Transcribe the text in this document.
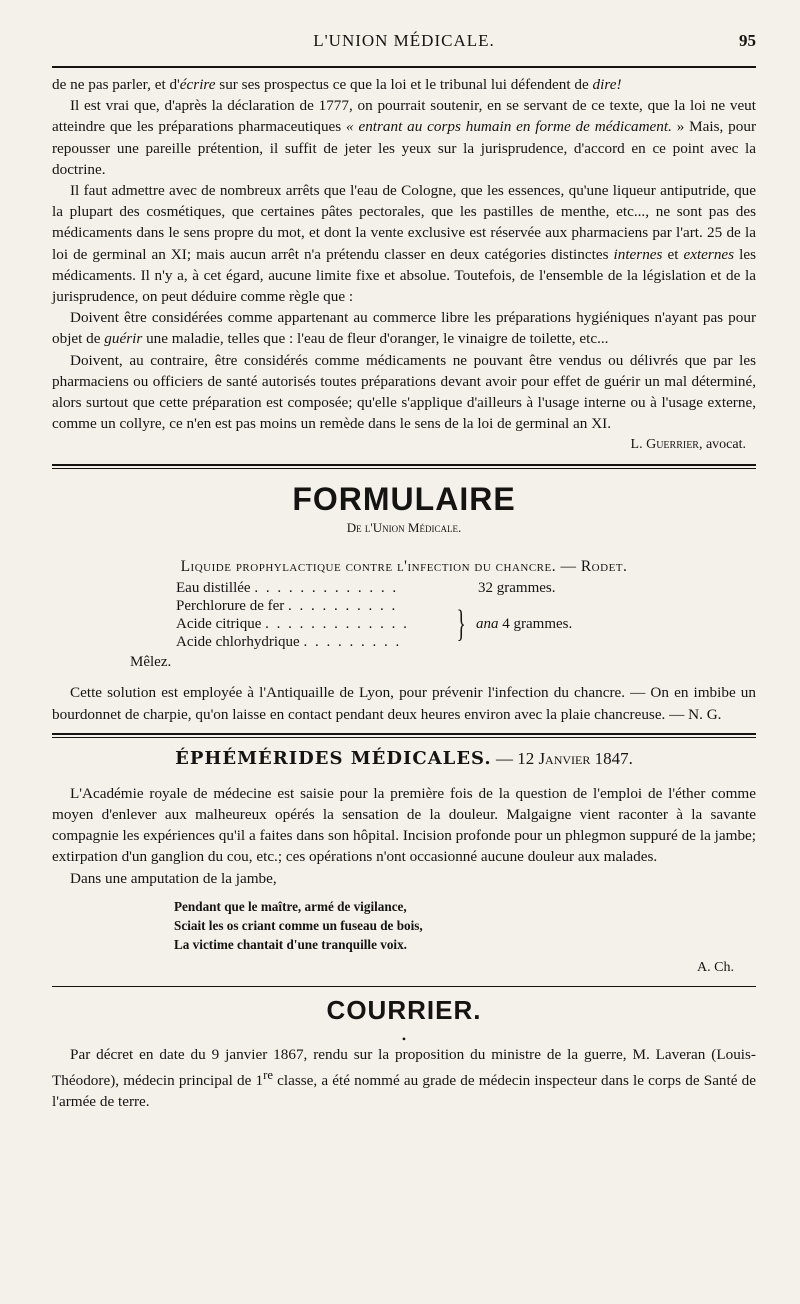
L'UNION MÉDICALE.	95

de ne pas parler, et d'écrire sur ses prospectus ce que la loi et le tribunal lui défendent de dire!

Il est vrai que, d'après la déclaration de 1777, on pourrait soutenir, en se servant de ce texte, que la loi ne veut atteindre que les préparations pharmaceutiques « entrant au corps humain en forme de médicament. » Mais, pour repousser une pareille prétention, il suffit de jeter les yeux sur la jurisprudence, d'accord en ce point avec la doctrine.

Il faut admettre avec de nombreux arrêts que l'eau de Cologne, que les essences, qu'une liqueur antiputride, que la plupart des cosmétiques, que certaines pâtes pectorales, que les pastilles de menthe, etc..., ne sont pas des médicaments dans le sens propre du mot, et dont la vente exclusive est réservée aux pharmaciens par l'art. 25 de la loi de germinal an XI; mais aucun arrêt n'a prétendu classer en deux catégories distinctes internes et externes les médicaments. Il n'y a, à cet égard, aucune limite fixe et absolue. Toutefois, de l'ensemble de la législation et de la jurisprudence, on peut déduire comme règle que :

Doivent être considérées comme appartenant au commerce libre les préparations hygiéniques n'ayant pas pour objet de guérir une maladie, telles que : l'eau de fleur d'oranger, le vinaigre de toilette, etc...

Doivent, au contraire, être considérés comme médicaments ne pouvant être vendus ou délivrés que par les pharmaciens ou officiers de santé autorisés toutes préparations devant avoir pour effet de guérir un mal déterminé, alors surtout que cette préparation est composée; qu'elle s'applique d'ailleurs à l'usage interne ou à l'usage externe, comme un collyre, ce n'en est pas moins un remède dans le sens de la loi de germinal an XI.

L. Guerrier, avocat.

FORMULAIRE
De l'Union Médicale.
Liquide prophylactique contre l'infection du chancre. — Rodet.
Eau distillée . . . . . . . . . . . . .	32 grammes.
Perchlorure de fer . . . . . . . . . .
Acide citrique . . . . . . . . . . . . .
Acide chlorhydrique . . . . . . . . . } ana 4 grammes.
Mêlez.

Cette solution est employée à l'Antiquaille de Lyon, pour prévenir l'infection du chancre. — On en imbibe un bourdonnet de charpie, qu'on laisse en contact pendant deux heures environ avec la plaie chancreuse. — N. G.

ÉPHÉMÉRIDES MÉDICALES. — 12 Janvier 1847.

L'Académie royale de médecine est saisie pour la première fois de la question de l'emploi de l'éther comme moyen d'enlever aux malheureux opérés la sensation de la douleur. Malgaigne vient raconter à la savante compagnie les expériences qu'il a faites dans son hôpital. Incision profonde pour un phlegmon suppuré de la jambe; extirpation d'un ganglion du cou, etc.; ces opérations n'ont occasionné aucune douleur aux malades.

Dans une amputation de la jambe,

Pendant que le maître, armé de vigilance,
Sciait les os criant comme un fuseau de bois,
La victime chantait d'une tranquille voix.
A. Ch.
COURRIER.

•

Par décret en date du 9 janvier 1867, rendu sur la proposition du ministre de la guerre, M. Laveran (Louis-Théodore), médecin principal de 1re classe, a été nommé au grade de médecin inspecteur dans le corps de Santé de l'armée de terre.
